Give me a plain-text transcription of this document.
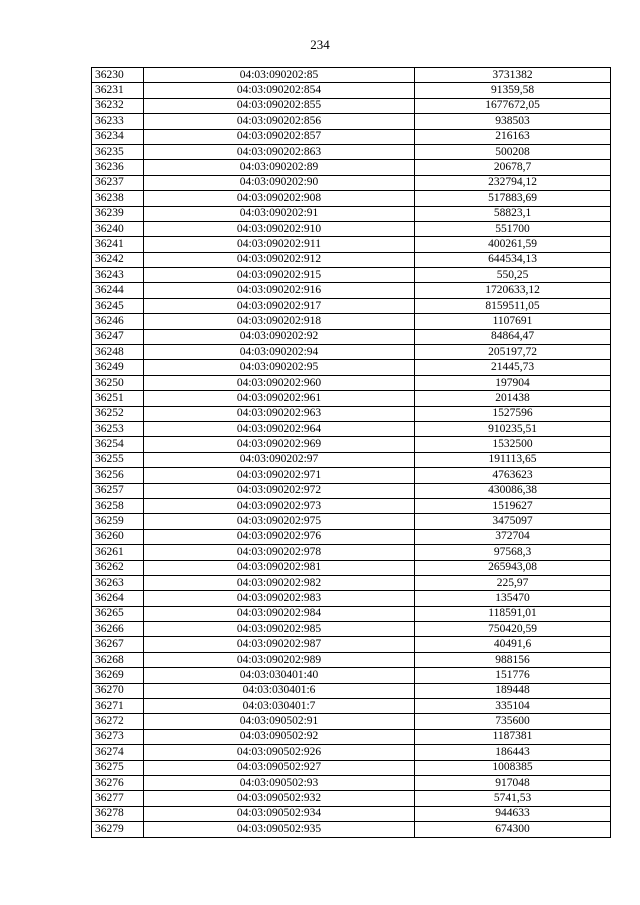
234
36230	04:03:090202:85	3731382
36231	04:03:090202:854	91359,58
36232	04:03:090202:855	1677672,05
36233	04:03:090202:856	938503
36234	04:03:090202:857	216163
36235	04:03:090202:863	500208
36236	04:03:090202:89	20678,7
36237	04:03:090202:90	232794,12
36238	04:03:090202:908	517883,69
36239	04:03:090202:91	58823,1
36240	04:03:090202:910	551700
36241	04:03:090202:911	400261,59
36242	04:03:090202:912	644534,13
36243	04:03:090202:915	550,25
36244	04:03:090202:916	1720633,12
36245	04:03:090202:917	8159511,05
36246	04:03:090202:918	1107691
36247	04:03:090202:92	84864,47
36248	04:03:090202:94	205197,72
36249	04:03:090202:95	21445,73
36250	04:03:090202:960	197904
36251	04:03:090202:961	201438
36252	04:03:090202:963	1527596
36253	04:03:090202:964	910235,51
36254	04:03:090202:969	1532500
36255	04:03:090202:97	191113,65
36256	04:03:090202:971	4763623
36257	04:03:090202:972	430086,38
36258	04:03:090202:973	1519627
36259	04:03:090202:975	3475097
36260	04:03:090202:976	372704
36261	04:03:090202:978	97568,3
36262	04:03:090202:981	265943,08
36263	04:03:090202:982	225,97
36264	04:03:090202:983	135470
36265	04:03:090202:984	118591,01
36266	04:03:090202:985	750420,59
36267	04:03:090202:987	40491,6
36268	04:03:090202:989	988156
36269	04:03:030401:40	151776
36270	04:03:030401:6	189448
36271	04:03:030401:7	335104
36272	04:03:090502:91	735600
36273	04:03:090502:92	1187381
36274	04:03:090502:926	186443
36275	04:03:090502:927	1008385
36276	04:03:090502:93	917048
36277	04:03:090502:932	5741,53
36278	04:03:090502:934	944633
36279	04:03:090502:935	674300
